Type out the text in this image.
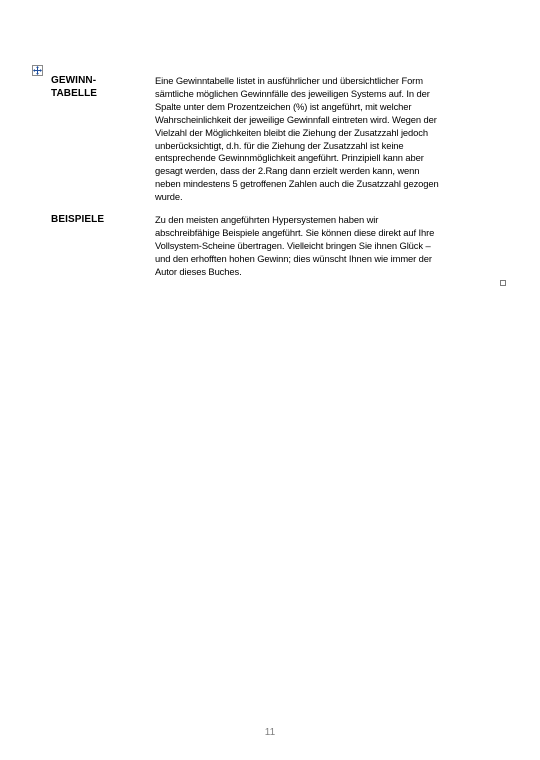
GEWINN-
TABELLE
Eine Gewinntabelle listet in ausführlicher und übersichtlicher Form
sämtliche möglichen Gewinnfälle des jeweiligen Systems auf. In der
Spalte unter dem Prozentzeichen (%) ist angeführt, mit welcher
Wahrscheinlichkeit der jeweilige Gewinnfall eintreten wird. Wegen der
Vielzahl der Möglichkeiten bleibt die Ziehung der Zusatzzahl jedoch
unberücksichtigt, d.h. für die Ziehung der Zusatzzahl ist keine
entsprechende Gewinnmöglichkeit angeführt. Prinzipiell kann aber
gesagt werden, dass der 2.Rang dann erzielt werden kann, wenn
neben mindestens 5 getroffenen Zahlen auch die Zusatzzahl gezogen
wurde.
BEISPIELE	Zu den meisten angeführten Hypersystemen haben wir
abschreibfähige Beispiele angeführt. Sie können diese direkt auf Ihre
Vollsystem-Scheine übertragen. Vielleicht bringen Sie ihnen Glück –
und den erhofften hohen Gewinn; dies wünscht Ihnen wie immer der
Autor dieses Buches.
11
